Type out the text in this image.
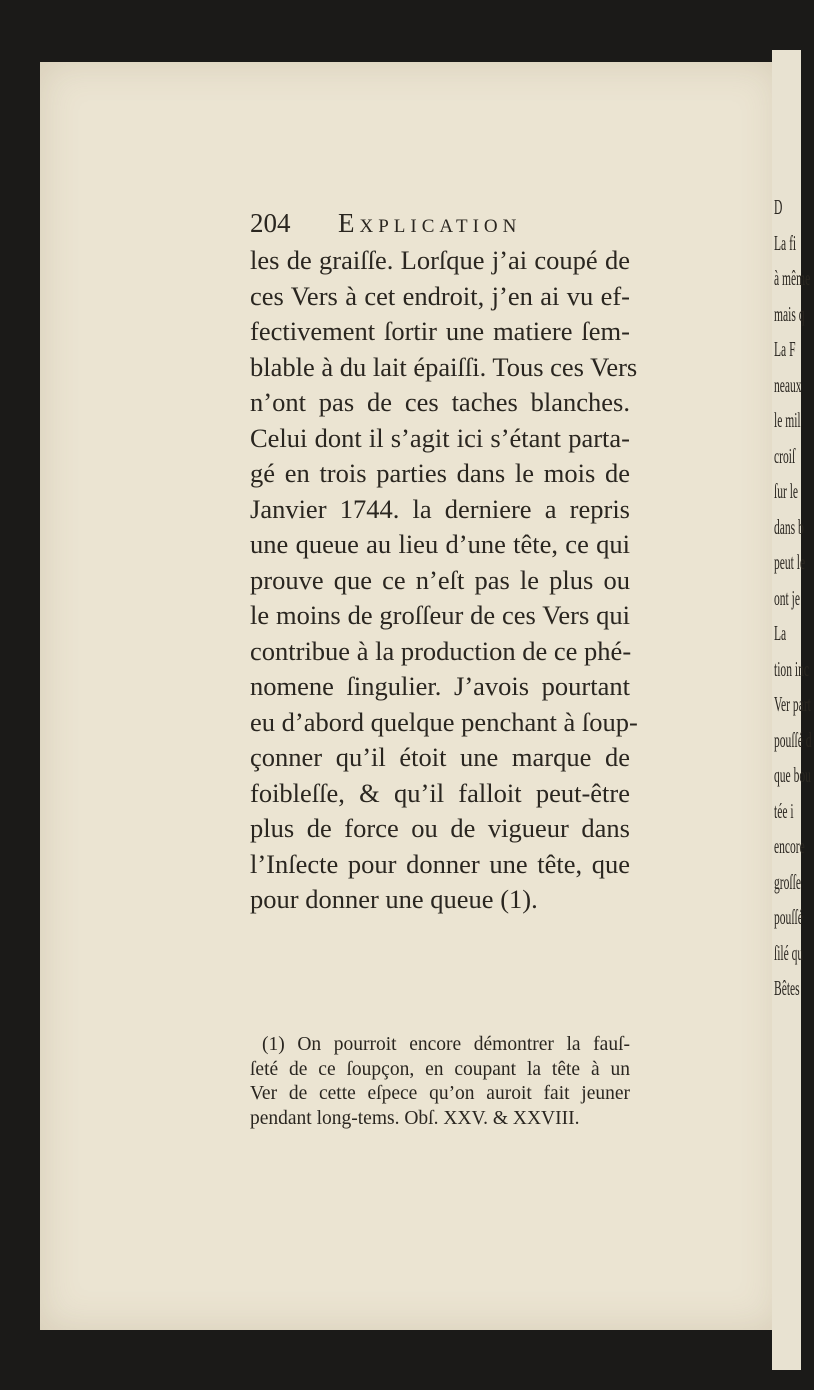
D
La fi
à même
mais q
La F
neaux
le mil
croiſ
ſur le
dans b
peut le
ont je
La
tion inc
Ver part
pouſſé d
que bou
tée i
encore
groſſe
pouſſé
ſilé qu
Bêtes
204 Explication
les de graiſſe. Lorſque j’ai coupé de
ces Vers à cet endroit, j’en ai vu ef-
fectivement ſortir une matiere ſem-
blable à du lait épaiſſi. Tous ces Vers
n’ont pas de ces taches blanches.
Celui dont il s’agit ici s’étant parta-
gé en trois parties dans le mois de
Janvier 1744. la derniere a repris
une queue au lieu d’une tête, ce qui
prouve que ce n’eſt pas le plus ou
le moins de groſſeur de ces Vers qui
contribue à la production de ce phé-
nomene ſingulier. J’avois pourtant
eu d’abord quelque penchant à ſoup-
çonner qu’il étoit une marque de
foibleſſe, & qu’il falloit peut-être
plus de force ou de vigueur dans
l’Inſecte pour donner une tête, que
pour donner une queue (1).
(1) On pourroit encore démontrer la fauſ-
ſeté de ce ſoupçon, en coupant la tête à un
Ver de cette eſpece qu’on auroit fait jeuner
pendant long-tems. Obſ. XXV. & XXVIII.
